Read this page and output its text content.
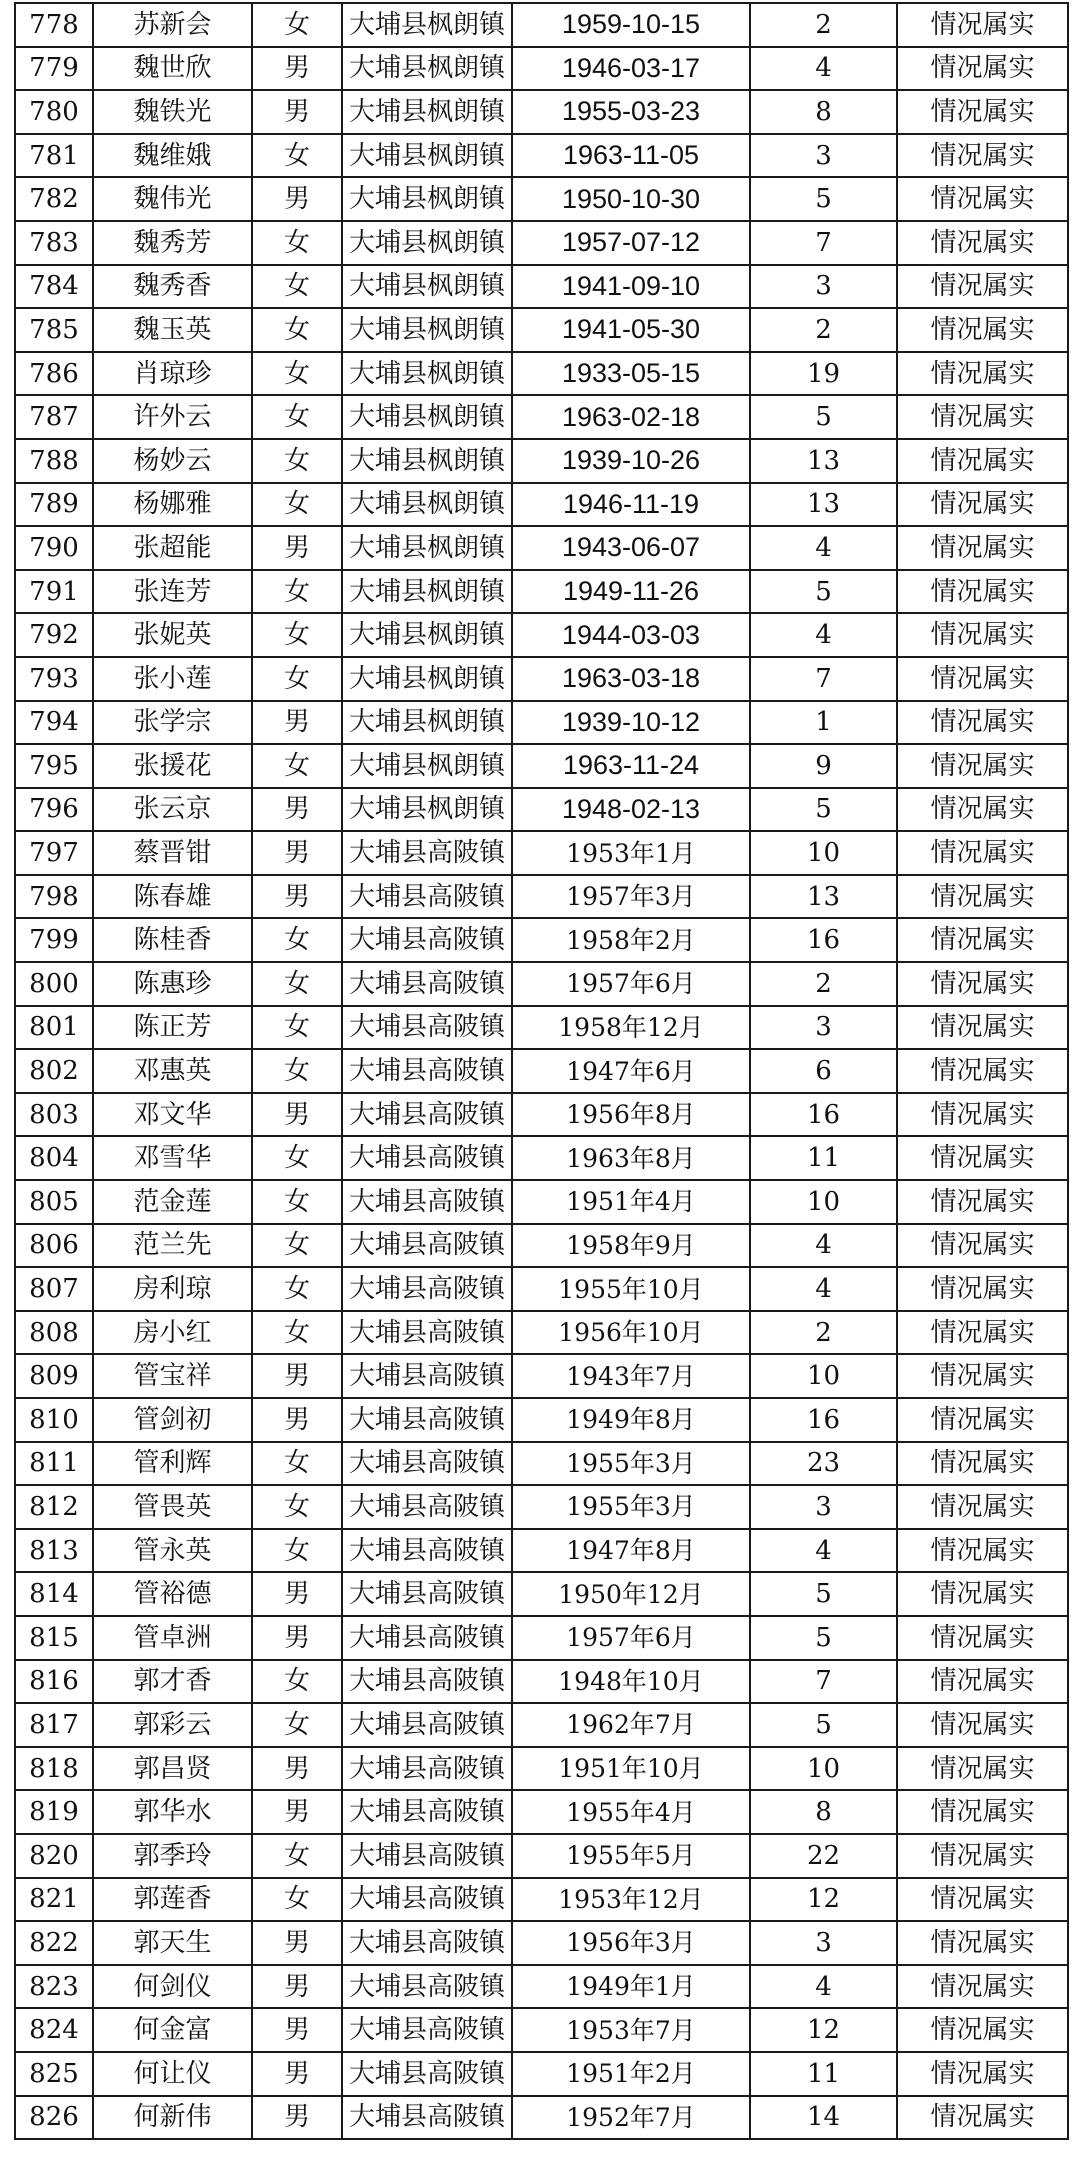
778	苏新会	女	大埔县枫朗镇	1959-10-15	2	情况属实
779	魏世欣	男	大埔县枫朗镇	1946-03-17	4	情况属实
780	魏铁光	男	大埔县枫朗镇	1955-03-23	8	情况属实
781	魏维娥	女	大埔县枫朗镇	1963-11-05	3	情况属实
782	魏伟光	男	大埔县枫朗镇	1950-10-30	5	情况属实
783	魏秀芳	女	大埔县枫朗镇	1957-07-12	7	情况属实
784	魏秀香	女	大埔县枫朗镇	1941-09-10	3	情况属实
785	魏玉英	女	大埔县枫朗镇	1941-05-30	2	情况属实
786	肖琼珍	女	大埔县枫朗镇	1933-05-15	19	情况属实
787	许外云	女	大埔县枫朗镇	1963-02-18	5	情况属实
788	杨妙云	女	大埔县枫朗镇	1939-10-26	13	情况属实
789	杨娜雅	女	大埔县枫朗镇	1946-11-19	13	情况属实
790	张超能	男	大埔县枫朗镇	1943-06-07	4	情况属实
791	张连芳	女	大埔县枫朗镇	1949-11-26	5	情况属实
792	张妮英	女	大埔县枫朗镇	1944-03-03	4	情况属实
793	张小莲	女	大埔县枫朗镇	1963-03-18	7	情况属实
794	张学宗	男	大埔县枫朗镇	1939-10-12	1	情况属实
795	张援花	女	大埔县枫朗镇	1963-11-24	9	情况属实
796	张云京	男	大埔县枫朗镇	1948-02-13	5	情况属实
797	蔡晋钳	男	大埔县高陂镇	1953年1月	10	情况属实
798	陈春雄	男	大埔县高陂镇	1957年3月	13	情况属实
799	陈桂香	女	大埔县高陂镇	1958年2月	16	情况属实
800	陈惠珍	女	大埔县高陂镇	1957年6月	2	情况属实
801	陈正芳	女	大埔县高陂镇	1958年12月	3	情况属实
802	邓惠英	女	大埔县高陂镇	1947年6月	6	情况属实
803	邓文华	男	大埔县高陂镇	1956年8月	16	情况属实
804	邓雪华	女	大埔县高陂镇	1963年8月	11	情况属实
805	范金莲	女	大埔县高陂镇	1951年4月	10	情况属实
806	范兰先	女	大埔县高陂镇	1958年9月	4	情况属实
807	房利琼	女	大埔县高陂镇	1955年10月	4	情况属实
808	房小红	女	大埔县高陂镇	1956年10月	2	情况属实
809	管宝祥	男	大埔县高陂镇	1943年7月	10	情况属实
810	管剑初	男	大埔县高陂镇	1949年8月	16	情况属实
811	管利辉	女	大埔县高陂镇	1955年3月	23	情况属实
812	管畏英	女	大埔县高陂镇	1955年3月	3	情况属实
813	管永英	女	大埔县高陂镇	1947年8月	4	情况属实
814	管裕德	男	大埔县高陂镇	1950年12月	5	情况属实
815	管卓洲	男	大埔县高陂镇	1957年6月	5	情况属实
816	郭才香	女	大埔县高陂镇	1948年10月	7	情况属实
817	郭彩云	女	大埔县高陂镇	1962年7月	5	情况属实
818	郭昌贤	男	大埔县高陂镇	1951年10月	10	情况属实
819	郭华水	男	大埔县高陂镇	1955年4月	8	情况属实
820	郭季玲	女	大埔县高陂镇	1955年5月	22	情况属实
821	郭莲香	女	大埔县高陂镇	1953年12月	12	情况属实
822	郭天生	男	大埔县高陂镇	1956年3月	3	情况属实
823	何剑仪	男	大埔县高陂镇	1949年1月	4	情况属实
824	何金富	男	大埔县高陂镇	1953年7月	12	情况属实
825	何让仪	男	大埔县高陂镇	1951年2月	11	情况属实
826	何新伟	男	大埔县高陂镇	1952年7月	14	情况属实
